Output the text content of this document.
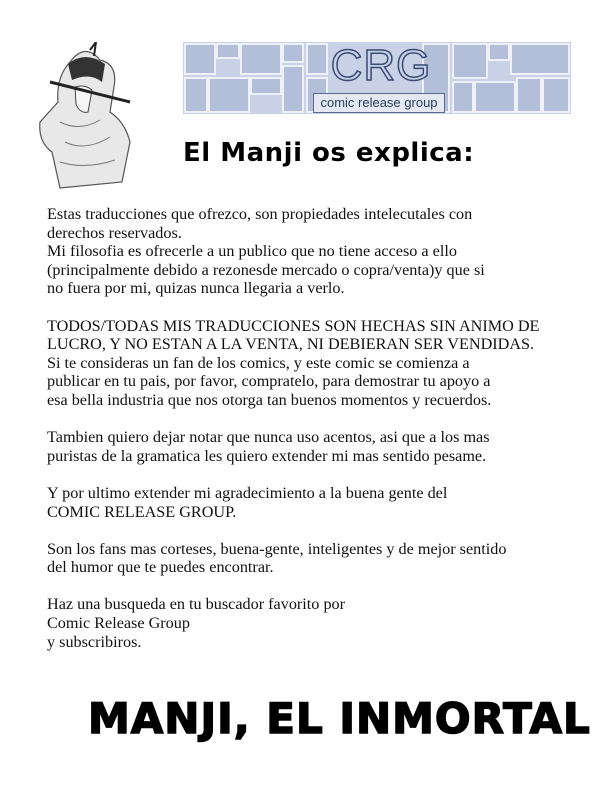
CRG
comic release group
El Manji os explica:
Estas traducciones que ofrezco, son propiedades intelecutales con
derechos reservados.
Mi filosofia es ofrecerle a un publico que no tiene acceso a ello
(principalmente debido a rezonesde mercado o copra/venta)y que si
no fuera por mi, quizas nunca llegaria a verlo.
TODOS/TODAS MIS TRADUCCIONES SON HECHAS SIN ANIMO DE
LUCRO, Y NO ESTAN A LA VENTA, NI DEBIERAN SER VENDIDAS.
Si te consideras un fan de los comics, y este comic se comienza a
publicar en tu pais, por favor, compratelo, para demostrar tu apoyo a
esa bella industria que nos otorga tan buenos momentos y recuerdos.
Tambien quiero dejar notar que nunca uso acentos, asi que a los mas
puristas de la gramatica les quiero extender mi mas sentido pesame.
Y por ultimo extender mi agradecimiento a la buena gente del
COMIC RELEASE GROUP.
Son los fans mas corteses, buena-gente, inteligentes y de mejor sentido
del humor que te puedes encontrar.
Haz una busqueda en tu buscador favorito por
Comic Release Group
y subscribiros.
MANJI, EL INMORTAL
